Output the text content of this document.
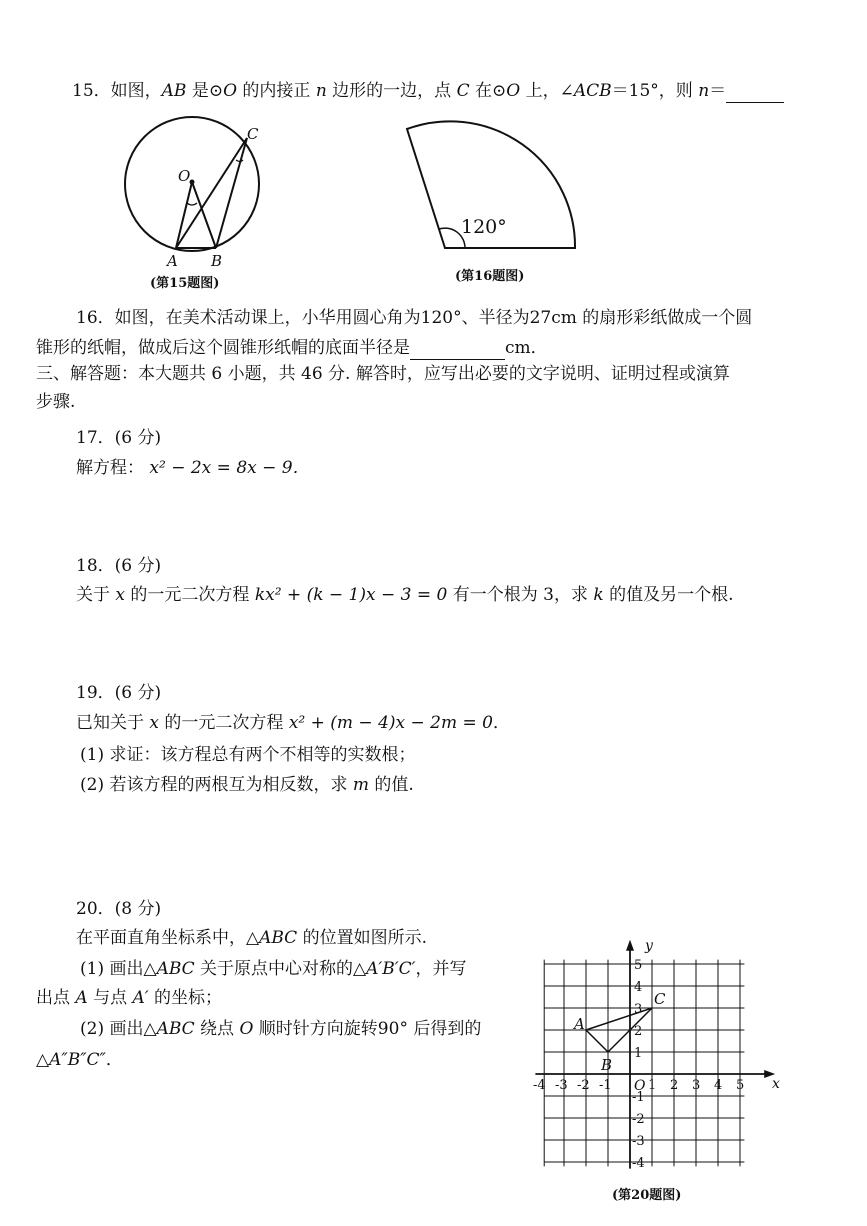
15．如图，AB 是⊙O 的内接正 n 边形的一边，点 C 在⊙O 上，∠ACB＝15°，则 n＝
O
A B
C
(第15题图)
120°
(第16题图)
16．如图，在美术活动课上，小华用圆心角为120°、半径为27cm 的扇形彩纸做成一个圆
锥形的纸帽，做成后这个圆锥形纸帽的底面半径是	cm．
三、解答题：本大题共 6 小题，共 46 分. 解答时，应写出必要的文字说明、证明过程或演算
步骤.
17．(6 分)
解方程： x² − 2x = 8x − 9．
18．(6 分)
关于 x 的一元二次方程 kx² + (k − 1)x − 3 = 0 有一个根为 3，求 k 的值及另一个根.
19．(6 分)
已知关于 x 的一元二次方程 x² + (m − 4)x − 2m = 0．
(1) 求证：该方程总有两个不相等的实数根；
(2) 若该方程的两根互为相反数，求 m 的值.
20．(8 分)
在平面直角坐标系中，△ABC 的位置如图所示.
(1) 画出△ABC 关于原点中心对称的△A′B′C′，并写
出点 A 与点 A′ 的坐标；
(2) 画出△ABC 绕点 O 顺时针方向旋转90° 后得到的
△A″B″C″．
y
x
O
A
B
C
-4 -3 -2 -1	1 2 3 4 5
5
4
3
2
1
-1
-2
-3
-4
(第20题图)
